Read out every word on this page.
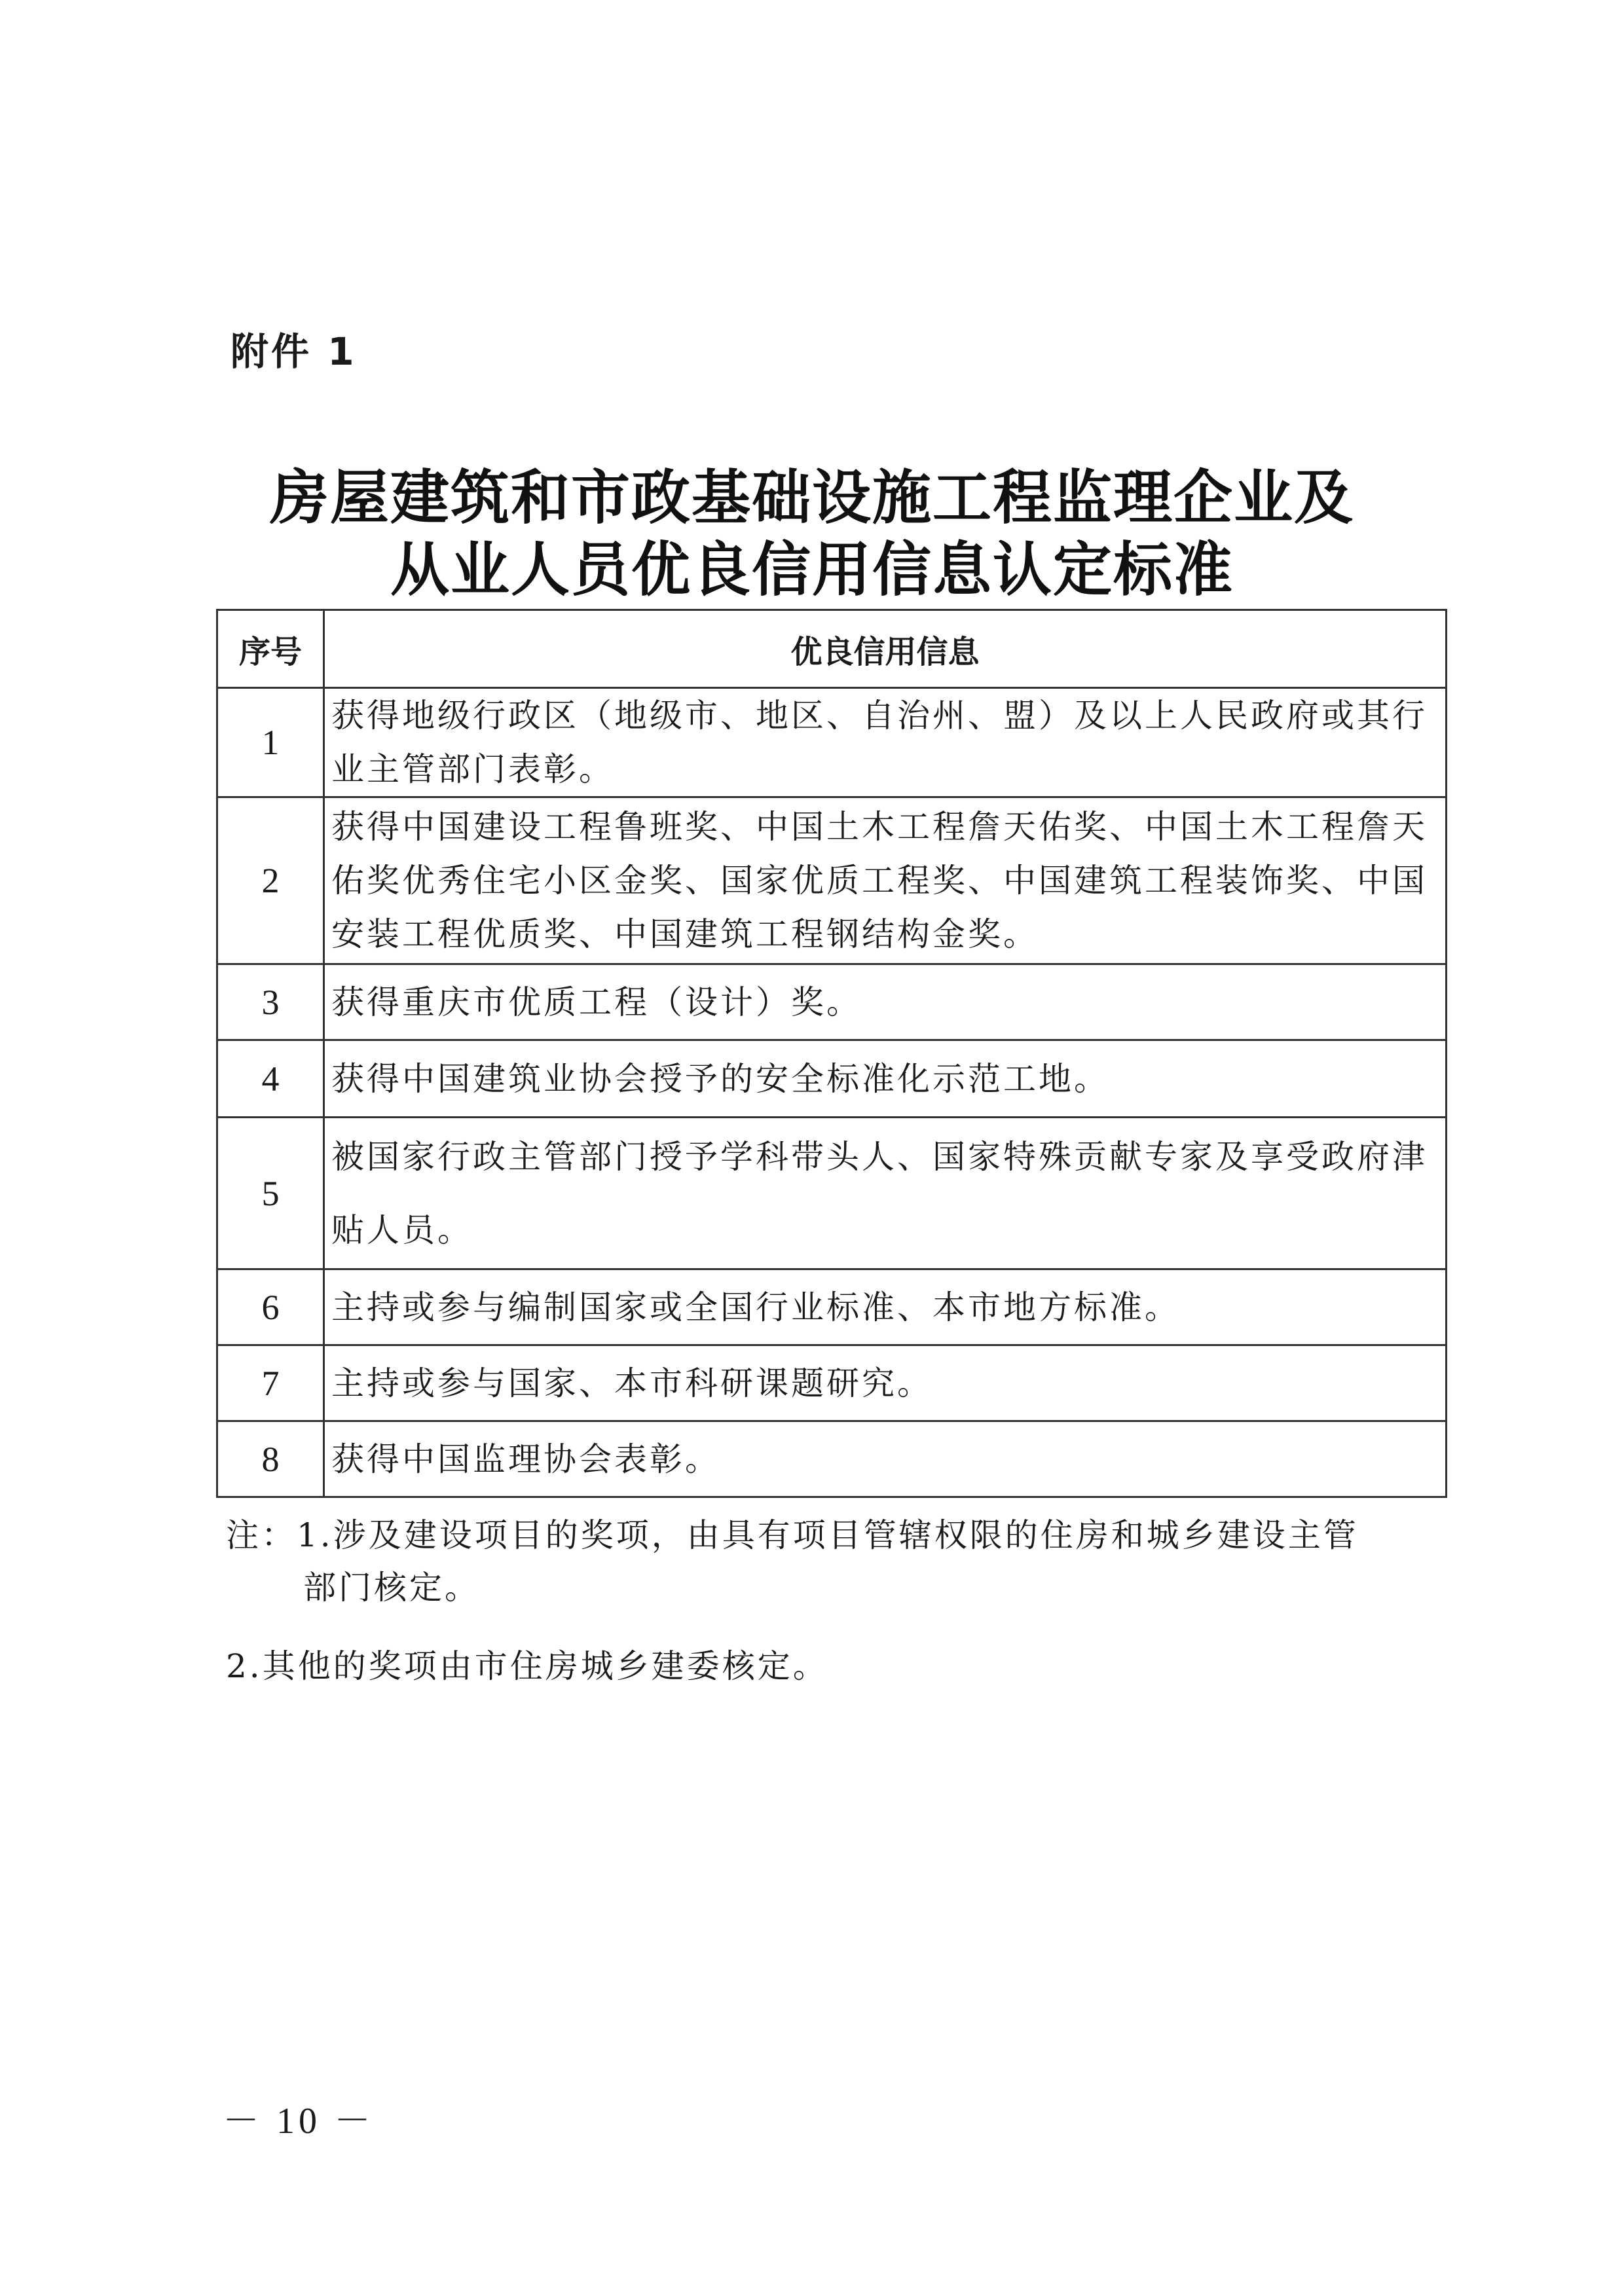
附件 1
房屋建筑和市政基础设施工程监理企业及
从业人员优良信用信息认定标准
序号	优良信用信息
1	获得地级行政区（地级市、地区、自治州、盟）及以上人民政府或其行业主管部门表彰。
2	获得中国建设工程鲁班奖、中国土木工程詹天佑奖、中国土木工程詹天佑奖优秀住宅小区金奖、国家优质工程奖、中国建筑工程装饰奖、中国安装工程优质奖、中国建筑工程钢结构金奖。
3	获得重庆市优质工程（设计）奖。
4	获得中国建筑业协会授予的安全标准化示范工地。
5	被国家行政主管部门授予学科带头人、国家特殊贡献专家及享受政府津贴人员。
6	主持或参与编制国家或全国行业标准、本市地方标准。
7	主持或参与国家、本市科研课题研究。
8	获得中国监理协会表彰。
注：1.涉及建设项目的奖项，由具有项目管辖权限的住房和城乡建设主管
部门核定。
2.其他的奖项由市住房城乡建委核定。
－ 10 －
